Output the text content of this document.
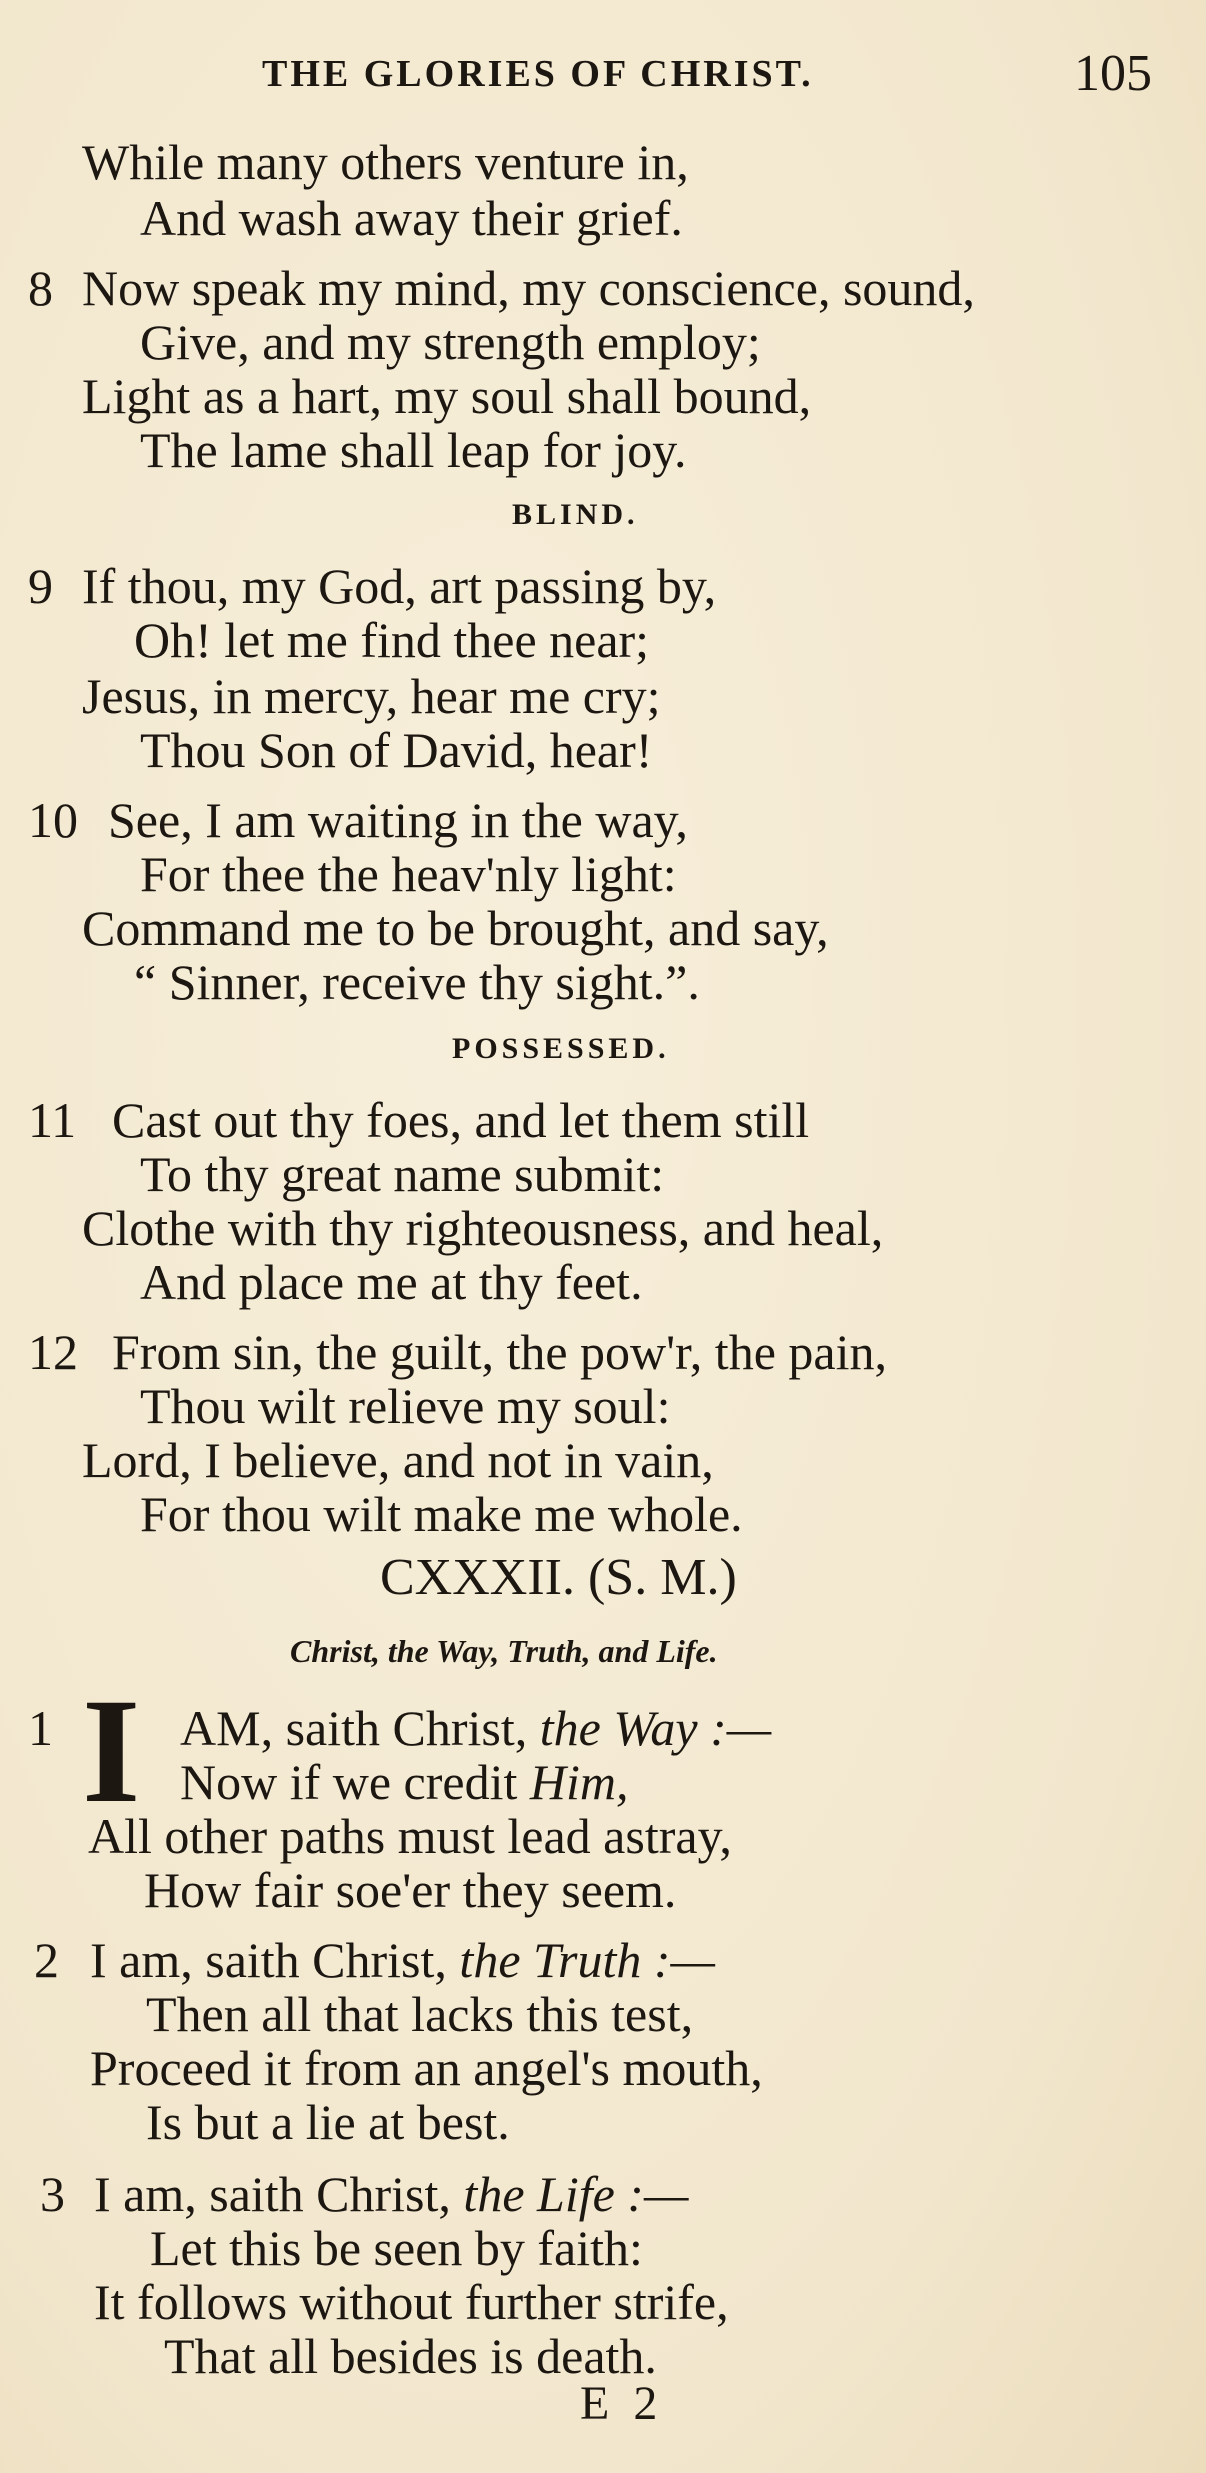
THE GLORIES OF CHRIST.	105
While many others venture in,
And wash away their grief.
8 Now speak my mind, my conscience, sound,
Give, and my strength employ;
Light as a hart, my soul shall bound,
The lame shall leap for joy.
BLIND.
9 If thou, my God, art passing by,
Oh! let me find thee near;
Jesus, in mercy, hear me cry;
Thou Son of David, hear!
10 See, I am waiting in the way,
For thee the heav'nly light:
Command me to be brought, and say,
“ Sinner, receive thy sight.”.
POSSESSED.
11 Cast out thy foes, and let them still
To thy great name submit:
Clothe with thy righteousness, and heal,
And place me at thy feet.
12 From sin, the guilt, the pow'r, the pain,
Thou wilt relieve my soul:
Lord, I believe, and not in vain,
For thou wilt make me whole.
CXXXII. (S. M.)
Christ, the Way, Truth, and Life.
1 I AM, saith Christ, the Way :—
Now if we credit Him,
All other paths must lead astray,
How fair soe'er they seem.
2 I am, saith Christ, the Truth :—
Then all that lacks this test,
Proceed it from an angel's mouth,
Is but a lie at best.
3 I am, saith Christ, the Life :—
Let this be seen by faith:
It follows without further strife,
That all besides is death.
E 2
